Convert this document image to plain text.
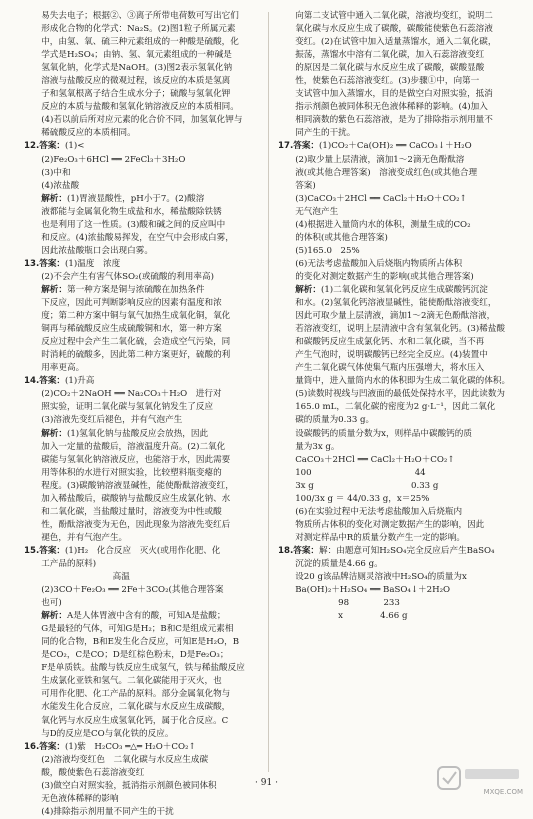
易失去电子；根据②、③离子所带电荷数可写出它们

形成化合物的化学式：Na₂S。(2)图1粒子所属元素

中，由氢、氧、硫三种元素组成的一种酸是硫酸，化

学式是H₂SO₄；由钠、氢、氧元素组成的一种碱是

氢氧化钠，化学式是NaOH。(3)图2表示氢氧化钠

溶液与盐酸反应的微观过程，该反应的本质是氢离

子和氢氧根离子结合生成水分子；硫酸与氢氧化钾

反应的本质与盐酸和氢氧化钠溶液反应的本质相同。

(4)若以前后所对应元素的化合价不同，加氢氧化钾与

稀硫酸反应的本质相同。

12.答案：(1)<

(2)Fe₂O₃＋6HCl ══ 2FeCl₃＋3H₂O

(3)中和

(4)浓盐酸

解析：(1)胃液显酸性，pH小于7。(2)酸溶

液都能与金属氧化物生成盐和水，稀盐酸除铁锈

也是利用了这一性质。(3)酸和碱之间的反应叫中

和反应。(4)浓盐酸易挥发，在空气中会形成白雾，

因此浓盐酸瓶口会出现白雾。

13.答案：(1)温度　浓度

(2)不会产生有害气体SO₂(或硫酸的利用率高)

解析：第一种方案是铜与浓硫酸在加热条件

下反应，因此可判断影响反应的因素有温度和浓

度；第二种方案中铜与氧气加热生成氧化铜，氧化

铜再与稀硫酸反应生成硫酸铜和水，第一种方案

反应过程中会产生二氧化硫，会造成空气污染，同

时消耗的硫酸多，因此第二种方案更好，硫酸的利

用率更高。

14.答案：(1)升高

(2)CO₂＋2NaOH ══ Na₂CO₃＋H₂O　进行对

照实验，证明二氧化碳与氢氧化钠发生了反应

(3)溶液先变红后褪色，并有气泡产生

解析：(1)氢氧化钠与盐酸反应会放热，因此

加入一定量的盐酸后，溶液温度升高。(2)二氧化

碳能与氢氧化钠溶液反应，也能溶于水，因此需要

用等体积的水进行对照实验，比较塑料瓶变瘪的

程度。(3)碳酸钠溶液显碱性，能使酚酞溶液变红，

加入稀盐酸后，碳酸钠与盐酸反应生成氯化钠、水

和二氧化碳，当盐酸过量时，溶液变为中性或酸

性，酚酞溶液变为无色，因此现象为溶液先变红后

褪色，并有气泡产生。

15.答案：(1)H₂　化合反应　灭火(或用作化肥、化

工产品的原料)

　　　　　　　　 高温

(2)3CO＋Fe₂O₃ ══ 2Fe＋3CO₂(其他合理答案

也可)

解析：A是人体胃液中含有的酸，可知A是盐酸；

G是最轻的气体，可知G是H₂；B和C是组成元素相

同的化合物，B和E发生化合反应，可知E是H₂O，B

是CO₂，C是CO；D是红棕色粉末，D是Fe₂O₃；

F是单质铁。盐酸与铁反应生成氢气，铁与稀盐酸反应

生成氯化亚铁和氢气。二氧化碳能用于灭火，也

可用作化肥、化工产品的原料。部分金属氧化物与

水能发生化合反应，二氧化碳与水反应生成碳酸，

氧化钙与水反应生成氢氧化钙，属于化合反应。C

与D的反应是CO与氧化铁的反应。

16.答案：(1)紫　H₂CO₃ ═△═ H₂O＋CO₂↑

(2)溶液均变红色　二氧化碳与水反应生成碳

酸，酸使紫色石蕊溶液变红

(3)做空白对照实验，抵消指示剂颜色被同体积

无色液体稀释的影响

(4)排除指示剂用量不同产生的干扰

向第二支试管中通入二氧化碳，溶液均变红，说明二

氧化碳与水反应生成了碳酸，碳酸能使紫色石蕊溶液

变红。(2)在试管中加入适量蒸馏水，通入二氧化碳，

振荡，蒸馏水中溶有二氧化碳，加入石蕊溶液变红

的原因是二氧化碳与水反应生成了碳酸，碳酸显酸

性，使紫色石蕊溶液变红。(3)步骤①中，向第一

支试管中加入蒸馏水，目的是做空白对照实验，抵消

指示剂颜色被同体积无色液体稀释的影响。(4)加入

相同滴数的紫色石蕊溶液，是为了排除指示剂用量不

同产生的干扰。

17.答案：(1)CO₂＋Ca(OH)₂ ══ CaCO₃↓＋H₂O

(2)取少量上层清液，滴加1～2滴无色酚酞溶

液(或其他合理答案)　溶液变成红色(或其他合理

答案)

(3)CaCO₃＋2HCl ══ CaCl₂＋H₂O＋CO₂↑

无气泡产生

(4)根据进入量筒内水的体积，测量生成的CO₂

的体积(或其他合理答案)

(5)165.0　25%

(6)无法考虑盐酸加入后烧瓶内物质所占体积

的变化对测定数据产生的影响(或其他合理答案)

解析：(1)二氧化碳和氢氧化钙反应生成碳酸钙沉淀

和水。(2)氢氧化钙溶液显碱性，能使酚酞溶液变红，

因此可取少量上层清液，滴加1～2滴无色酚酞溶液，

若溶液变红，说明上层清液中含有氢氧化钙。(3)稀盐酸

和碳酸钙反应生成氯化钙、水和二氧化碳，当不再

产生气泡时，说明碳酸钙已经完全反应。(4)装置中

产生二氧化碳气体使集气瓶内压强增大，将水压入

量筒中，进入量筒内水的体积即为生成二氧化碳的体积。

(5)读数时视线与凹液面的最低处保持水平，因此读数为

165.0 mL，二氧化碳的密度为2 g·L⁻¹，因此二氧化

碳的质量为0.33 g。

设碳酸钙的质量分数为x，则样品中碳酸钙的质

量为3x g。

CaCO₃＋2HCl ══ CaCl₂＋H₂O＋CO₂↑

100　　　　　　　　　　　　44

3x g　　　　　　　　　　　 0.33 g

100/3x g ＝ 44/0.33 g，x＝25%

(6)在实验过程中无法考虑盐酸加入后烧瓶内

物质所占体积的变化对测定数据产生的影响，因此

对测定样品中R的质量分数产生一定的影响。

18.答案：解：由题意可知H₂SO₄完全反应后产生BaSO₄

沉淀的质量是4.66 g。

设20 g该品牌洁厕灵溶液中H₂SO₄的质量为x

Ba(OH)₂＋H₂SO₄ ══ BaSO₄↓＋2H₂O

　　　　　98　　　　233

　　　　　x　　　　 4.66 g

· 91 ·
MXQE.COM
